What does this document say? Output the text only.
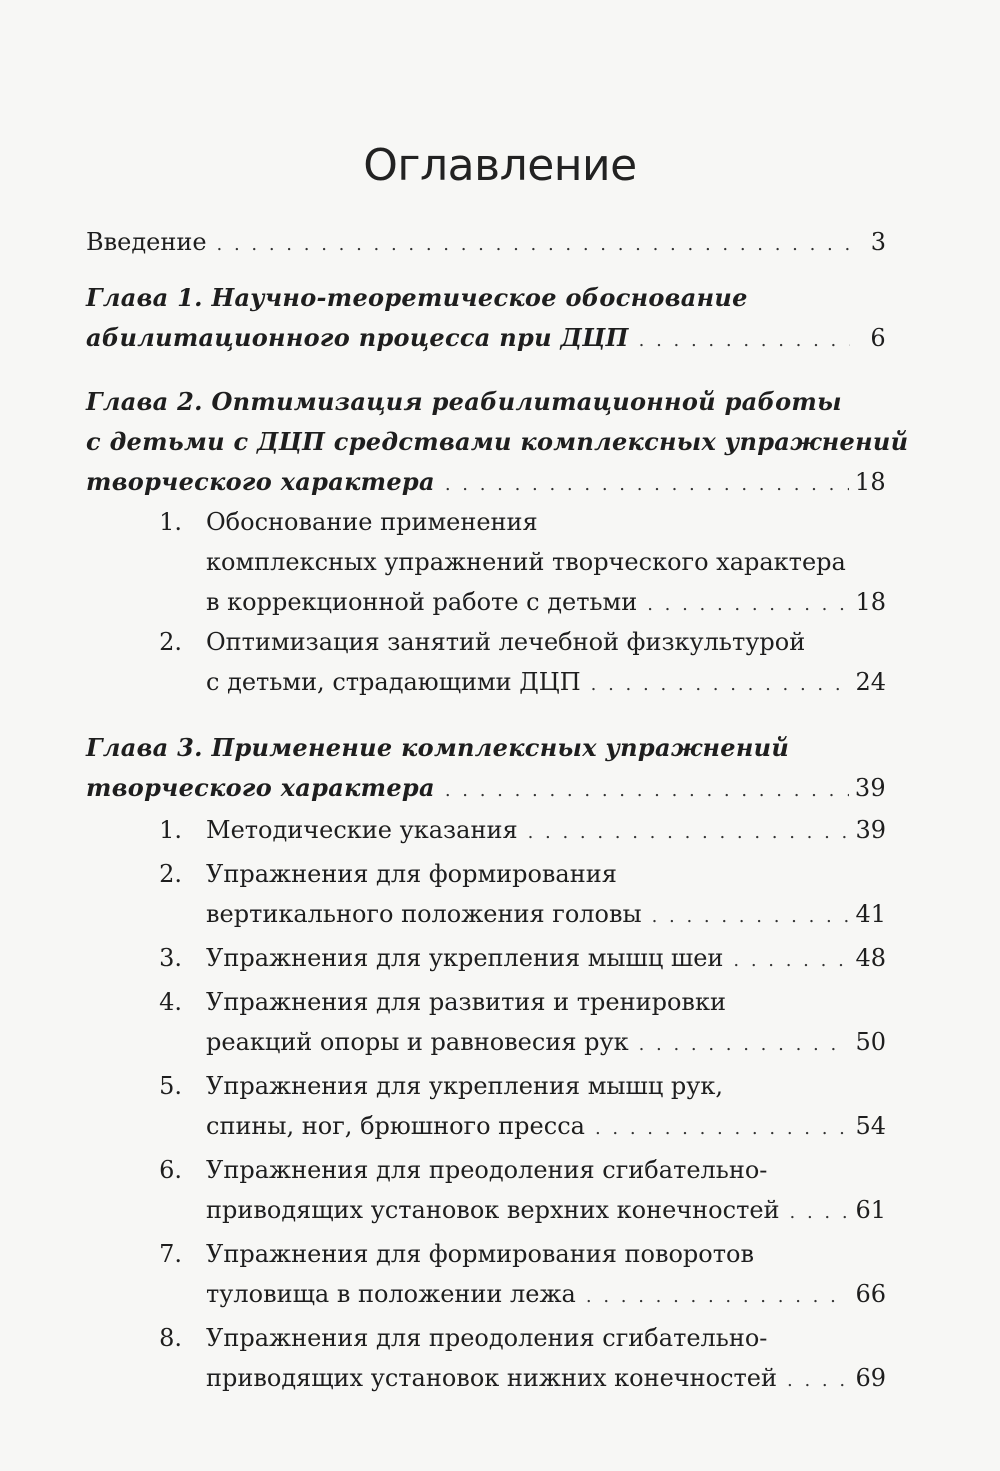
Оглавление
Введение . . .	3
Глава 1. Научно-теоретическое обоснование
абилитационного процесса при ДЦП . . .	6
Глава 2. Оптимизация реабилитационной работы
с детьми с ДЦП средствами комплексных упражнений
творческого характера . . .	18
1. Обоснование применения
комплексных упражнений творческого характера
в коррекционной работе с детьми . . .	18
2. Оптимизация занятий лечебной физкультурой
с детьми, страдающими ДЦП . . .	24
Глава 3. Применение комплексных упражнений
творческого характера . . .	39
1. Методические указания . . .	39
2. Упражнения для формирования
вертикального положения головы . . .	41
3. Упражнения для укрепления мышц шеи . . .	48
4. Упражнения для развития и тренировки
реакций опоры и равновесия рук . . .	50
5. Упражнения для укрепления мышц рук,
спины, ног, брюшного пресса . . .	54
6. Упражнения для преодоления сгибательно-
приводящих установок верхних конечностей . . .	61
7. Упражнения для формирования поворотов
туловища в положении лежа . . .	66
8. Упражнения для преодоления сгибательно-
приводящих установок нижних конечностей . . .	69
